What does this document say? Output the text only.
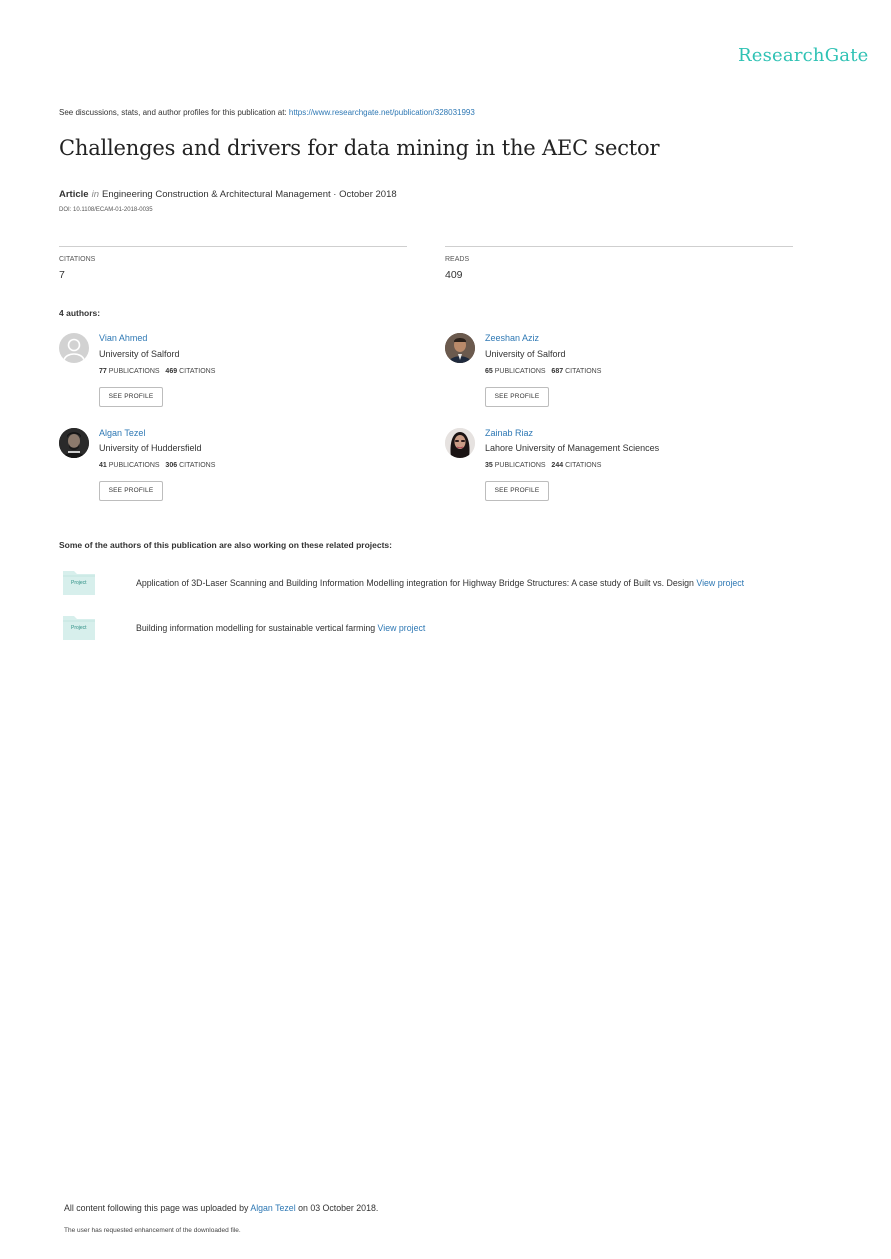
ResearchGate
See discussions, stats, and author profiles for this publication at: https://www.researchgate.net/publication/328031993
Challenges and drivers for data mining in the AEC sector
Article in Engineering Construction & Architectural Management · October 2018
DOI: 10.1108/ECAM-01-2018-0035
CITATIONS
7
READS
409
4 authors:
Vian Ahmed
University of Salford
77 PUBLICATIONS 469 CITATIONS
SEE PROFILE
Zeeshan Aziz
University of Salford
65 PUBLICATIONS 687 CITATIONS
SEE PROFILE
Algan Tezel
University of Huddersfield
41 PUBLICATIONS 306 CITATIONS
SEE PROFILE
Zainab Riaz
Lahore University of Management Sciences
35 PUBLICATIONS 244 CITATIONS
SEE PROFILE
Some of the authors of this publication are also working on these related projects:
Project	Application of 3D-Laser Scanning and Building Information Modelling integration for Highway Bridge Structures: A case study of Built vs. Design View project
Project	Building information modelling for sustainable vertical farming View project
All content following this page was uploaded by Algan Tezel on 03 October 2018.
The user has requested enhancement of the downloaded file.
